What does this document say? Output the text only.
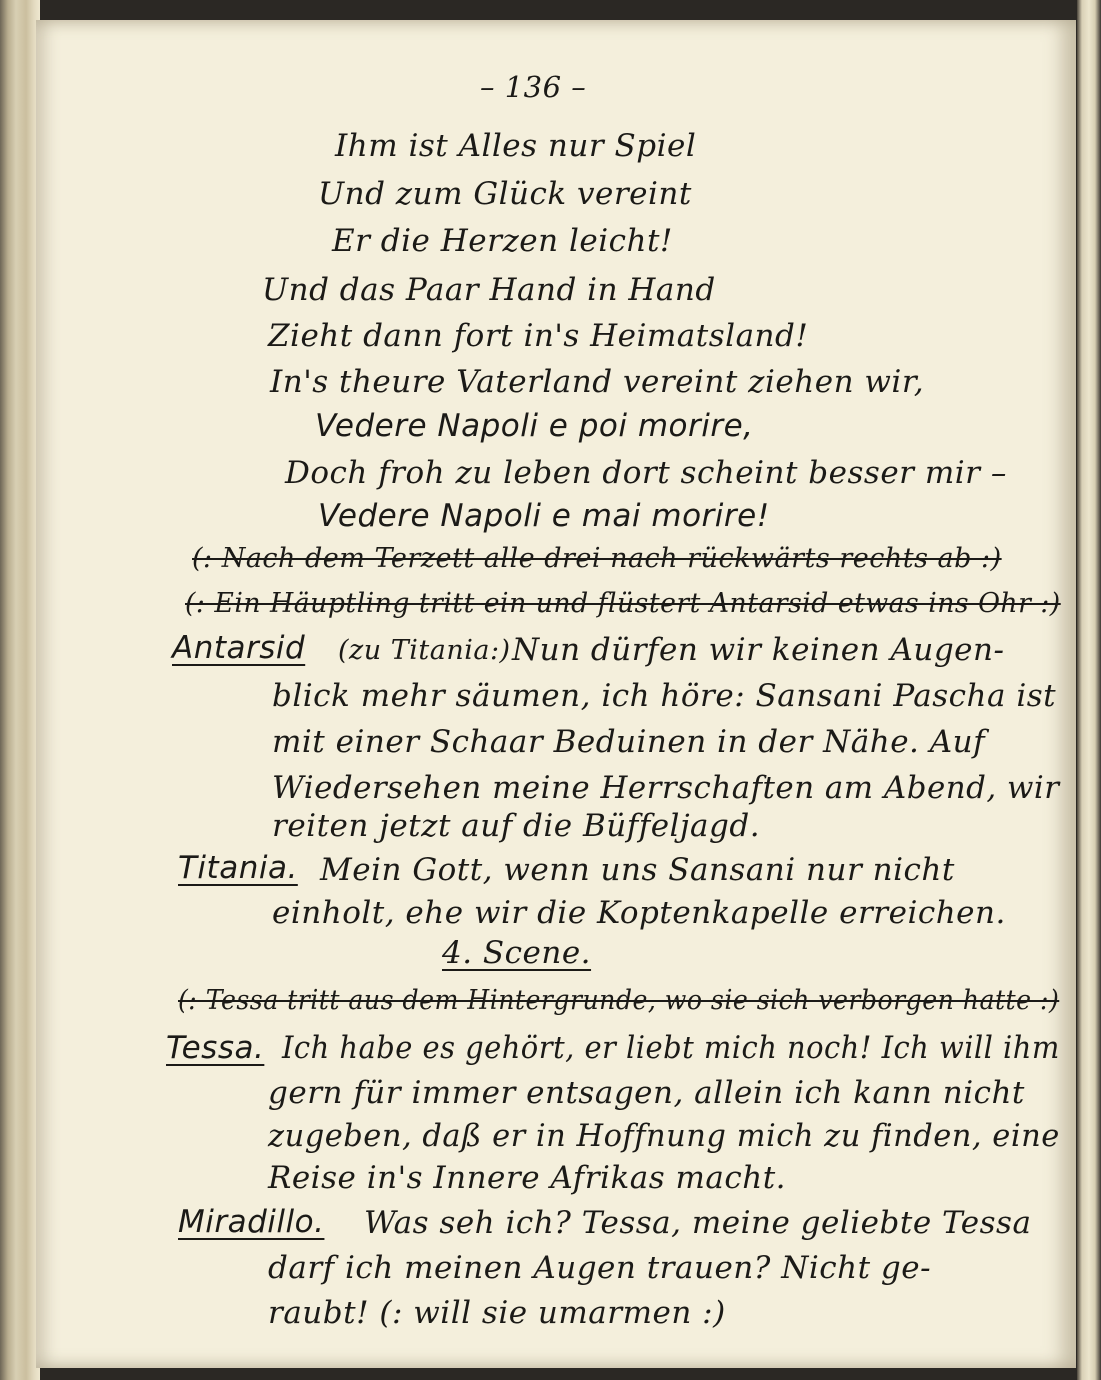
– 136 –
Ihm ist Alles nur Spiel
Und zum Glück vereint
Er die Herzen leicht!
Und das Paar Hand in Hand
Zieht dann fort in's Heimatsland!
In's theure Vaterland vereint ziehen wir,
Vedere Napoli e poi morire,
Doch froh zu leben dort scheint besser mir –
Vedere Napoli e mai morire!
(: Nach dem Terzett alle drei nach rückwärts rechts ab :)
(: Ein Häuptling tritt ein und flüstert Antarsid etwas ins Ohr :)
Antarsid (zu Titania:) Nun dürfen wir keinen Augen-
blick mehr säumen, ich höre: Sansani Pascha ist
mit einer Schaar Beduinen in der Nähe. Auf
Wiedersehen meine Herrschaften am Abend, wir
reiten jetzt auf die Büffeljagd.
Titania. Mein Gott, wenn uns Sansani nur nicht
einholt, ehe wir die Koptenkapelle erreichen.
4. Scene.
(: Tessa tritt aus dem Hintergrunde, wo sie sich verborgen hatte :)
Tessa. Ich habe es gehört, er liebt mich noch! Ich will ihm
gern für immer entsagen, allein ich kann nicht
zugeben, daß er in Hoffnung mich zu finden, eine
Reise in's Innere Afrikas macht.
Miradillo. Was seh ich? Tessa, meine geliebte Tessa
darf ich meinen Augen trauen? Nicht ge-
raubt! (: will sie umarmen :)
